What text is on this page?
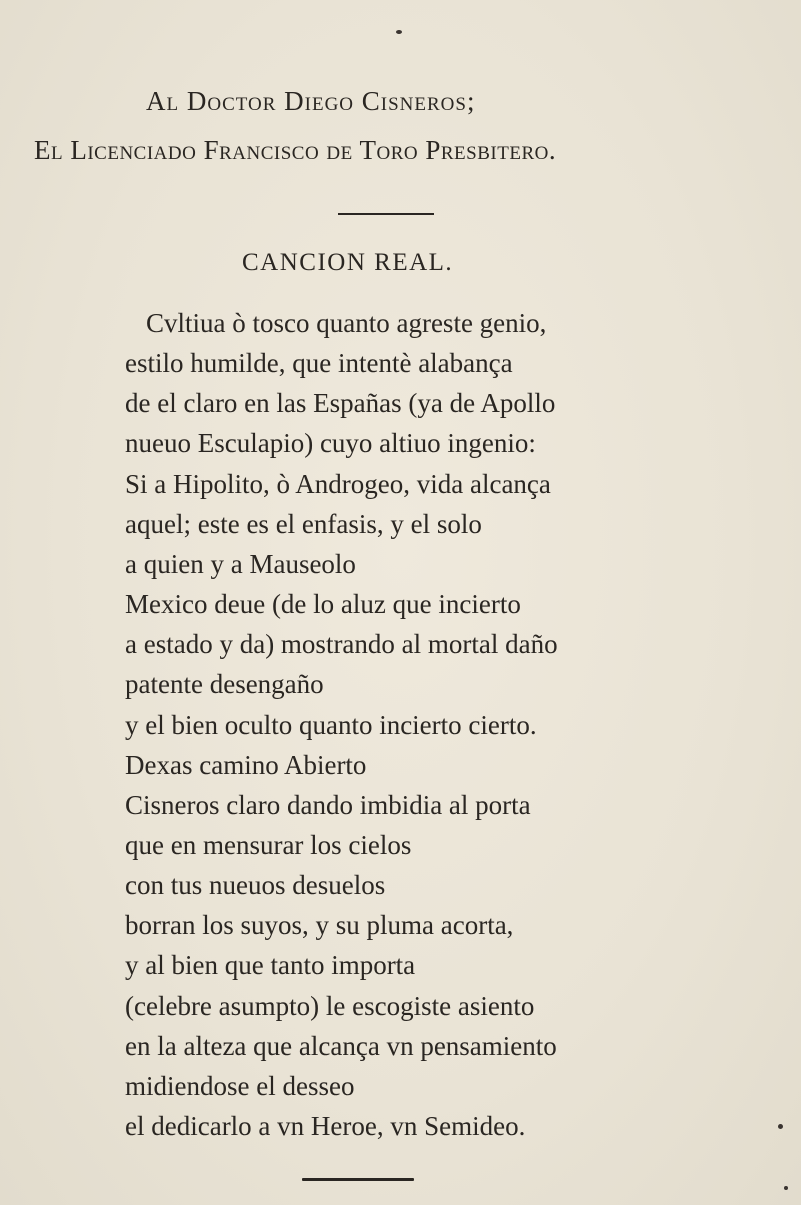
Al Doctor Diego Cisneros;
El Licenciado Francisco de Toro Presbitero.
CANCION REAL.
Cvltiua ò tosco quanto agreste genio,
estilo humilde, que intentè alabança
de el claro en las Españas (ya de Apollo
nueuo Esculapio) cuyo altiuo ingenio:
Si a Hipolito, ò Androgeo, vida alcança
aquel; este es el enfasis, y el solo
a quien y a Mauseolo
Mexico deue (de lo aluz que incierto
a estado y da) mostrando al mortal daño
patente desengaño
y el bien oculto quanto incierto cierto.
Dexas camino Abierto
Cisneros claro dando imbidia al porta
que en mensurar los cielos
con tus nueuos desuelos
borran los suyos, y su pluma acorta,
y al bien que tanto importa
(celebre asumpto) le escogiste asiento
en la alteza que alcança vn pensamiento
midiendose el desseo
el dedicarlo a vn Heroe, vn Semideo.
